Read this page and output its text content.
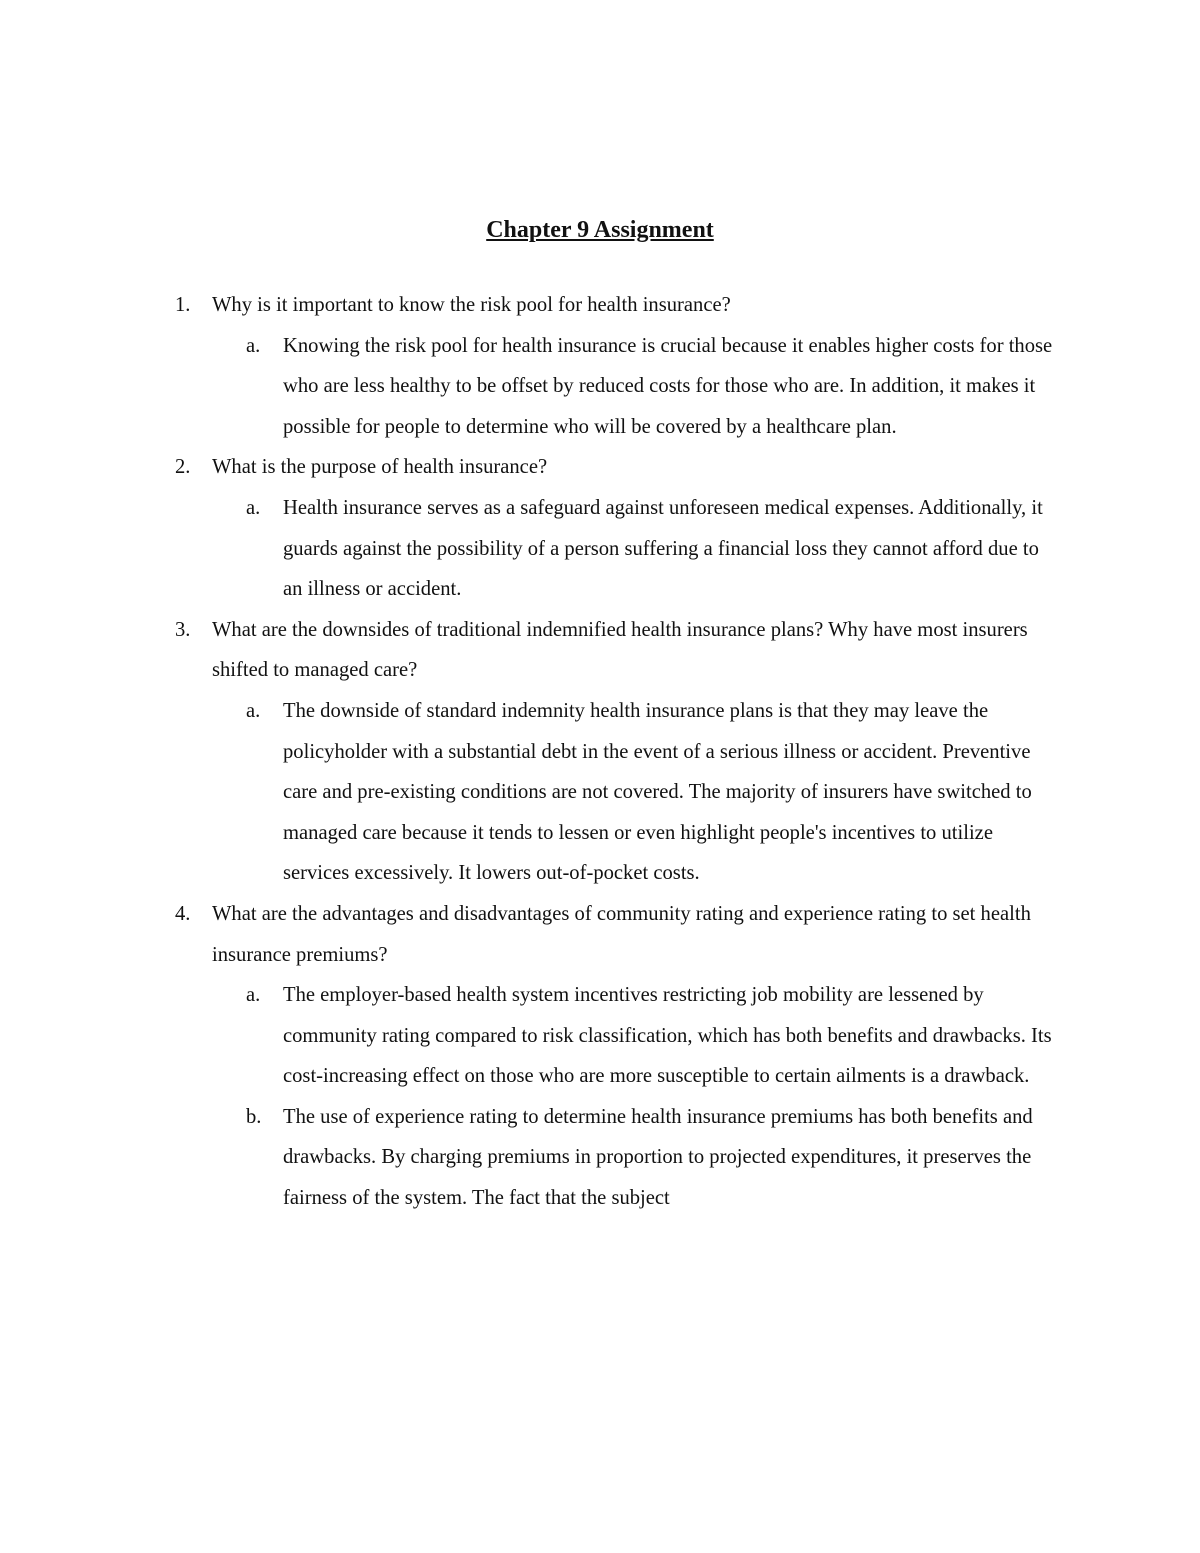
Chapter 9 Assignment
1. Why is it important to know the risk pool for health insurance?
a. Knowing the risk pool for health insurance is crucial because it enables higher costs for those who are less healthy to be offset by reduced costs for those who are. In addition, it makes it possible for people to determine who will be covered by a healthcare plan.
2. What is the purpose of health insurance?
a. Health insurance serves as a safeguard against unforeseen medical expenses. Additionally, it guards against the possibility of a person suffering a financial loss they cannot afford due to an illness or accident.
3. What are the downsides of traditional indemnified health insurance plans? Why have most insurers shifted to managed care?
a. The downside of standard indemnity health insurance plans is that they may leave the policyholder with a substantial debt in the event of a serious illness or accident. Preventive care and pre-existing conditions are not covered. The majority of insurers have switched to managed care because it tends to lessen or even highlight people's incentives to utilize services excessively. It lowers out-of-pocket costs.
4. What are the advantages and disadvantages of community rating and experience rating to set health insurance premiums?
a. The employer-based health system incentives restricting job mobility are lessened by community rating compared to risk classification, which has both benefits and drawbacks. Its cost-increasing effect on those who are more susceptible to certain ailments is a drawback.
b. The use of experience rating to determine health insurance premiums has both benefits and drawbacks. By charging premiums in proportion to projected expenditures, it preserves the fairness of the system. The fact that the subject
